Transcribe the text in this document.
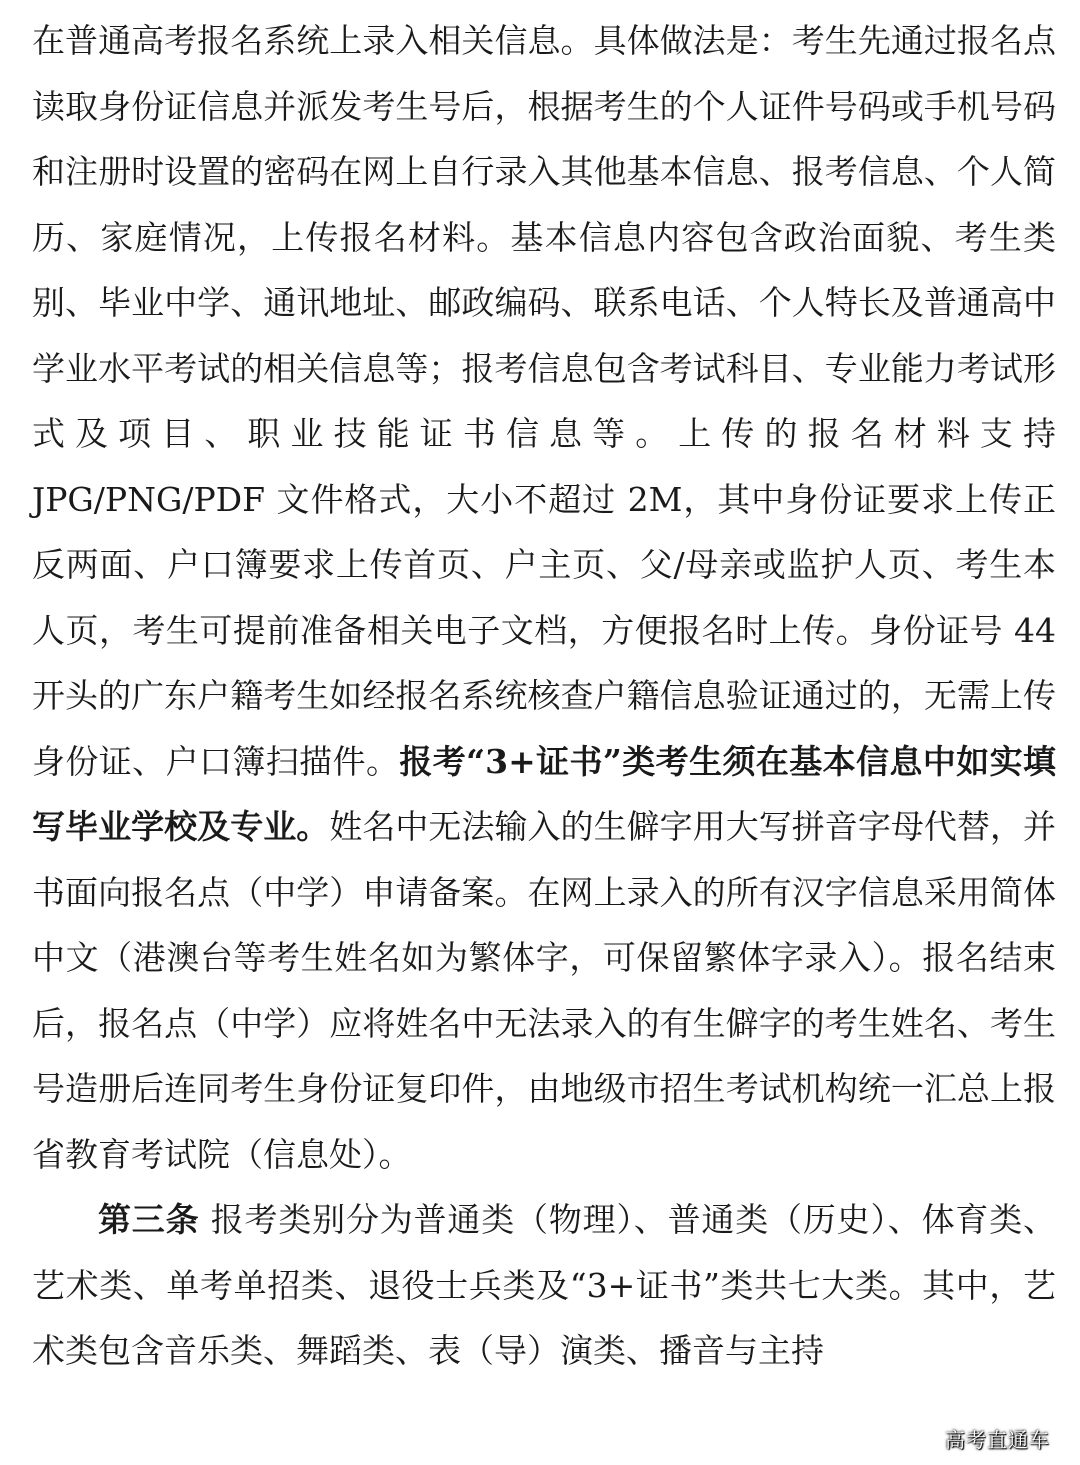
在普通高考报名系统上录入相关信息。具体做法是：考生先通过报名点读取身份证信息并派发考生号后，根据考生的个人证件号码或手机号码和注册时设置的密码在网上自行录入其他基本信息、报考信息、个人简历、家庭情况，上传报名材料。基本信息内容包含政治面貌、考生类别、毕业中学、通讯地址、邮政编码、联系电话、个人特长及普通高中学业水平考试的相关信息等；报考信息包含考试科目、专业能力考试形式及项目、职业技能证书信息等。上传的报名材料支持 JPG/PNG/PDF 文件格式，大小不超过 2M，其中身份证要求上传正反两面、户口簿要求上传首页、户主页、父/母亲或监护人页、考生本人页，考生可提前准备相关电子文档，方便报名时上传。身份证号 44 开头的广东户籍考生如经报名系统核查户籍信息验证通过的，无需上传身份证、户口簿扫描件。报考“3+证书”类考生须在基本信息中如实填写毕业学校及专业。姓名中无法输入的生僻字用大写拼音字母代替，并书面向报名点（中学）申请备案。在网上录入的所有汉字信息采用简体中文（港澳台等考生姓名如为繁体字，可保留繁体字录入）。报名结束后，报名点（中学）应将姓名中无法录入的有生僻字的考生姓名、考生号造册后连同考生身份证复印件，由地级市招生考试机构统一汇总上报省教育考试院（信息处）。

第三条 报考类别分为普通类（物理）、普通类（历史）、体育类、艺术类、单考单招类、退役士兵类及“3+证书”类共七大类。其中，艺术类包含音乐类、舞蹈类、表（导）演类、播音与主持

高考直通车
